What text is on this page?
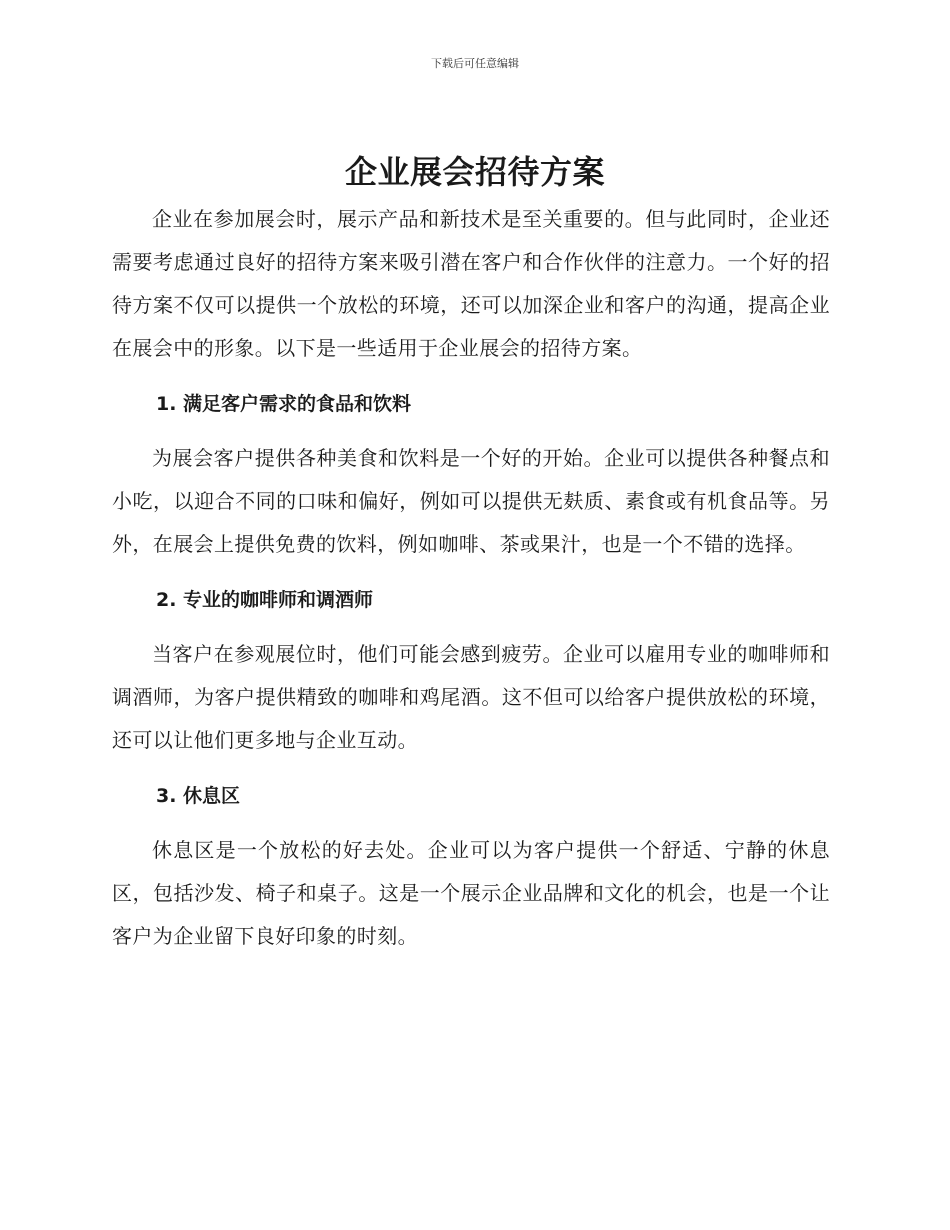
下载后可任意编辑
企业展会招待方案

企业在参加展会时，展示产品和新技术是至关重要的。但与此同时，企业还需要考虑通过良好的招待方案来吸引潜在客户和合作伙伴的注意力。一个好的招待方案不仅可以提供一个放松的环境，还可以加深企业和客户的沟通，提高企业在展会中的形象。以下是一些适用于企业展会的招待方案。

1. 满足客户需求的食品和饮料

为展会客户提供各种美食和饮料是一个好的开始。企业可以提供各种餐点和小吃，以迎合不同的口味和偏好，例如可以提供无麸质、素食或有机食品等。另外，在展会上提供免费的饮料，例如咖啡、茶或果汁，也是一个不错的选择。

2. 专业的咖啡师和调酒师

当客户在参观展位时，他们可能会感到疲劳。企业可以雇用专业的咖啡师和调酒师，为客户提供精致的咖啡和鸡尾酒。这不但可以给客户提供放松的环境，还可以让他们更多地与企业互动。

3. 休息区

休息区是一个放松的好去处。企业可以为客户提供一个舒适、宁静的休息区，包括沙发、椅子和桌子。这是一个展示企业品牌和文化的机会，也是一个让客户为企业留下良好印象的时刻。
